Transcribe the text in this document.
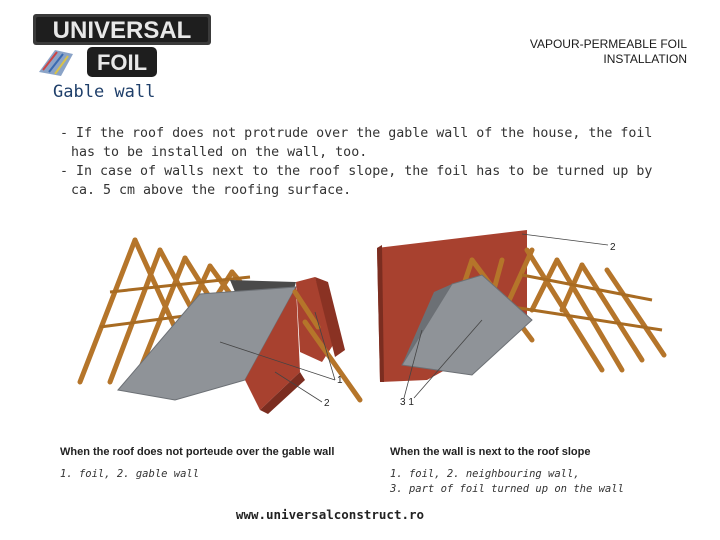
UNIVERSAL
FOIL
VAPOUR-PERMEABLE FOIL
INSTALLATION
Gable wall
- If the roof does not protrude over the gable wall of the house, the foil has to be installed on the wall, too.
- In case of walls next to the roof slope, the foil has to be turned up by ca. 5 cm above the roofing surface.
1
2
2
3 1
When the roof does not porteude over the gable wall	When the wall is next to the roof slope
1. foil, 2. gable wall	1. foil, 2. neighbouring wall,
3. part of foil turned up on the wall
www.universalconstruct.ro
